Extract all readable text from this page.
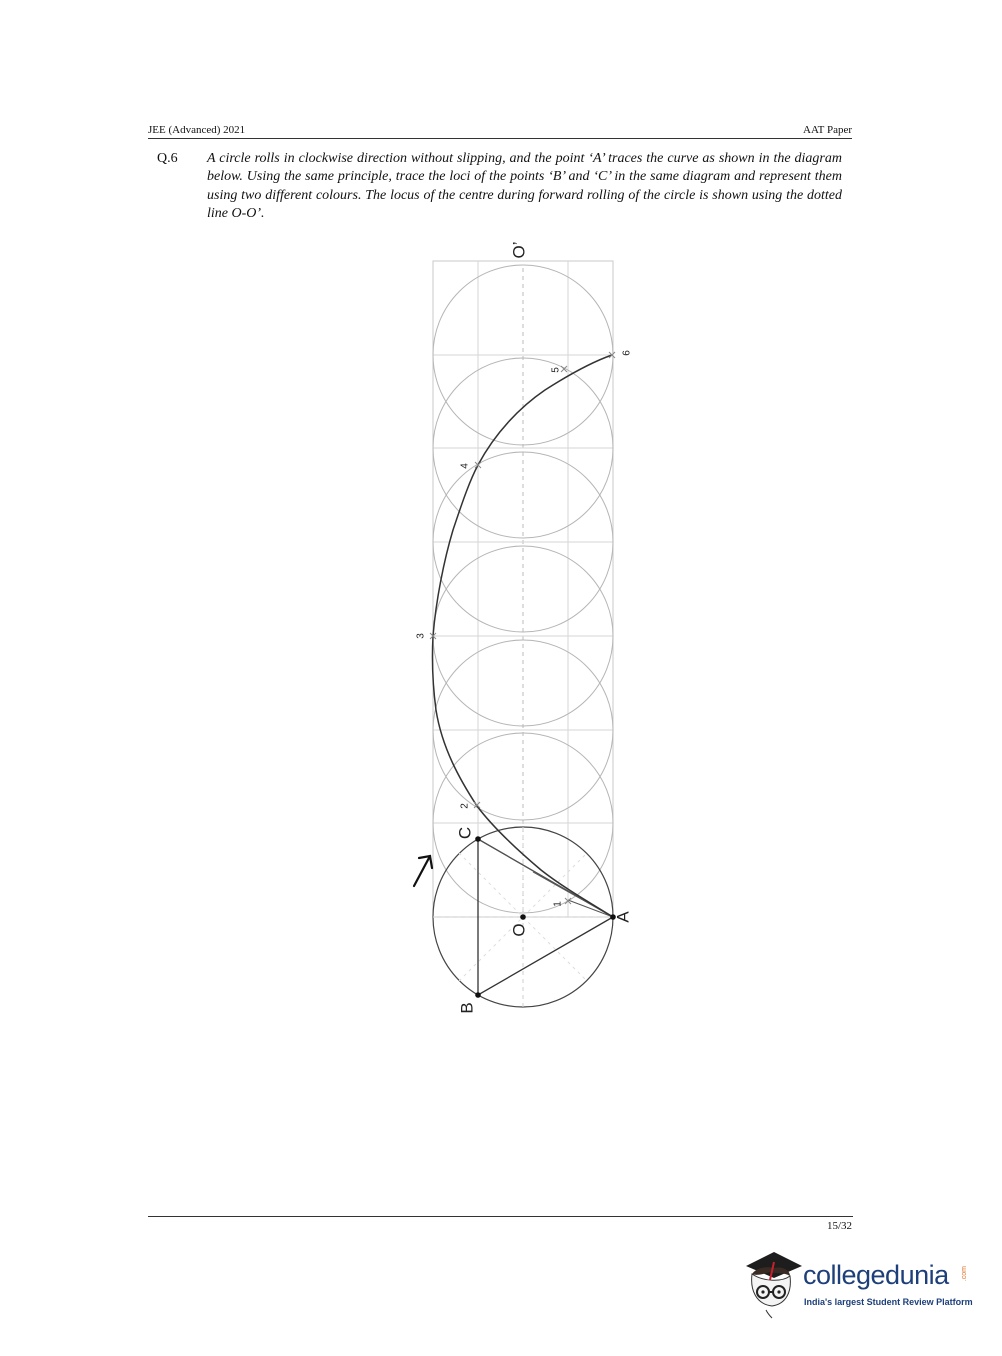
JEE (Advanced) 2021	AAT Paper
Q.6 A circle rolls in clockwise direction without slipping, and the point ‘A’ traces the curve as shown in the diagram below. Using the same principle, trace the loci of the points ‘B’ and ‘C’ in the same diagram and represent them using two different colours. The locus of the centre during forward rolling of the circle is shown using the dotted line O-O’.
A
B
C
O
O’
1
2
3
4
5
6
15/32
collegedunia .com
India's largest Student Review Platform
